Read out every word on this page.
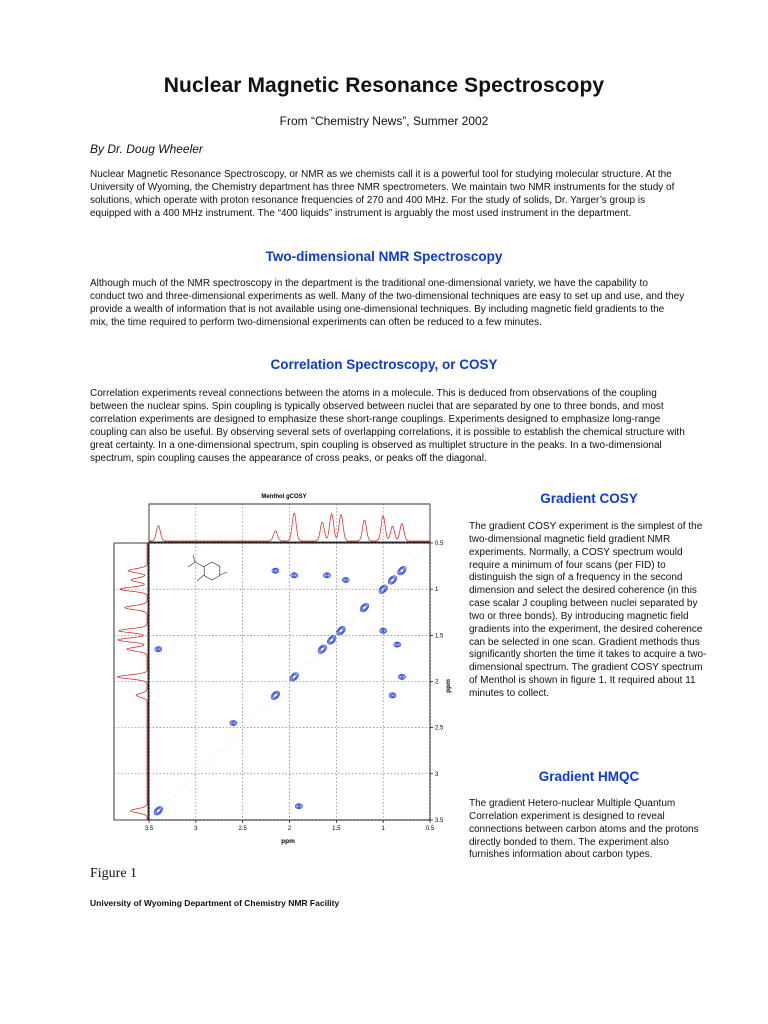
Nuclear Magnetic Resonance Spectroscopy
From “Chemistry News”, Summer 2002
By Dr. Doug Wheeler

Nuclear Magnetic Resonance Spectroscopy, or NMR as we chemists call it is a powerful tool for studying molecular structure. At the University of Wyoming, the Chemistry department has three NMR spectrometers. We maintain two NMR instruments for the study of solutions, which operate with proton resonance frequencies of 270 and 400 MHz. For the study of solids, Dr. Yarger’s group is equipped with a 400 MHz instrument. The “400 liquids” instrument is arguably the most used instrument in the department.

Two-dimensional NMR Spectroscopy

Although much of the NMR spectroscopy in the department is the traditional one-dimensional variety, we have the capability to conduct two and three-dimensional experiments as well. Many of the two-dimensional techniques are easy to set up and use, and they provide a wealth of information that is not available using one-dimensional techniques. By including magnetic field gradients to the mix, the time required to perform two-dimensional experiments can often be reduced to a few minutes.

Correlation Spectroscopy, or COSY

Correlation experiments reveal connections between the atoms in a molecule. This is deduced from observations of the coupling between the nuclear spins. Spin coupling is typically observed between nuclei that are separated by one to three bonds, and most correlation experiments are designed to emphasize these short-range couplings. Experiments designed to emphasize long-range coupling can also be useful. By observing several sets of overlapping correlations, it is possible to establish the chemical structure with great certainty. In a one-dimensional spectrum, spin coupling is observed as multiplet structure in the peaks. In a two-dimensional spectrum, spin coupling causes the appearance of cross peaks, or peaks off the diagonal.

3.5	3	2.5	2	1.5	1	0.5
0.5
1
1.5
2
2.5
3
3.5
Menthol gCOSY
ppm
ppm
Gradient COSY

The gradient COSY experiment is the simplest of the two-dimensional magnetic field gradient NMR experiments. Normally, a COSY spectrum would require a minimum of four scans (per FID) to distinguish the sign of a frequency in the second dimension and select the desired coherence (in this case scalar J coupling between nuclei separated by two or three bonds). By introducing magnetic field gradients into the experiment, the desired coherence can be selected in one scan. Gradient methods thus significantly shorten the time it takes to acquire a two-dimensional spectrum. The gradient COSY spectrum of Menthol is shown in figure 1. It required about 11 minutes to collect.

Gradient HMQC

The gradient Hetero-nuclear Multiple Quantum Correlation experiment is designed to reveal connections between carbon atoms and the protons directly bonded to them. The experiment also furnishes information about carbon types.

Figure 1
University of Wyoming Department of Chemistry NMR Facility
